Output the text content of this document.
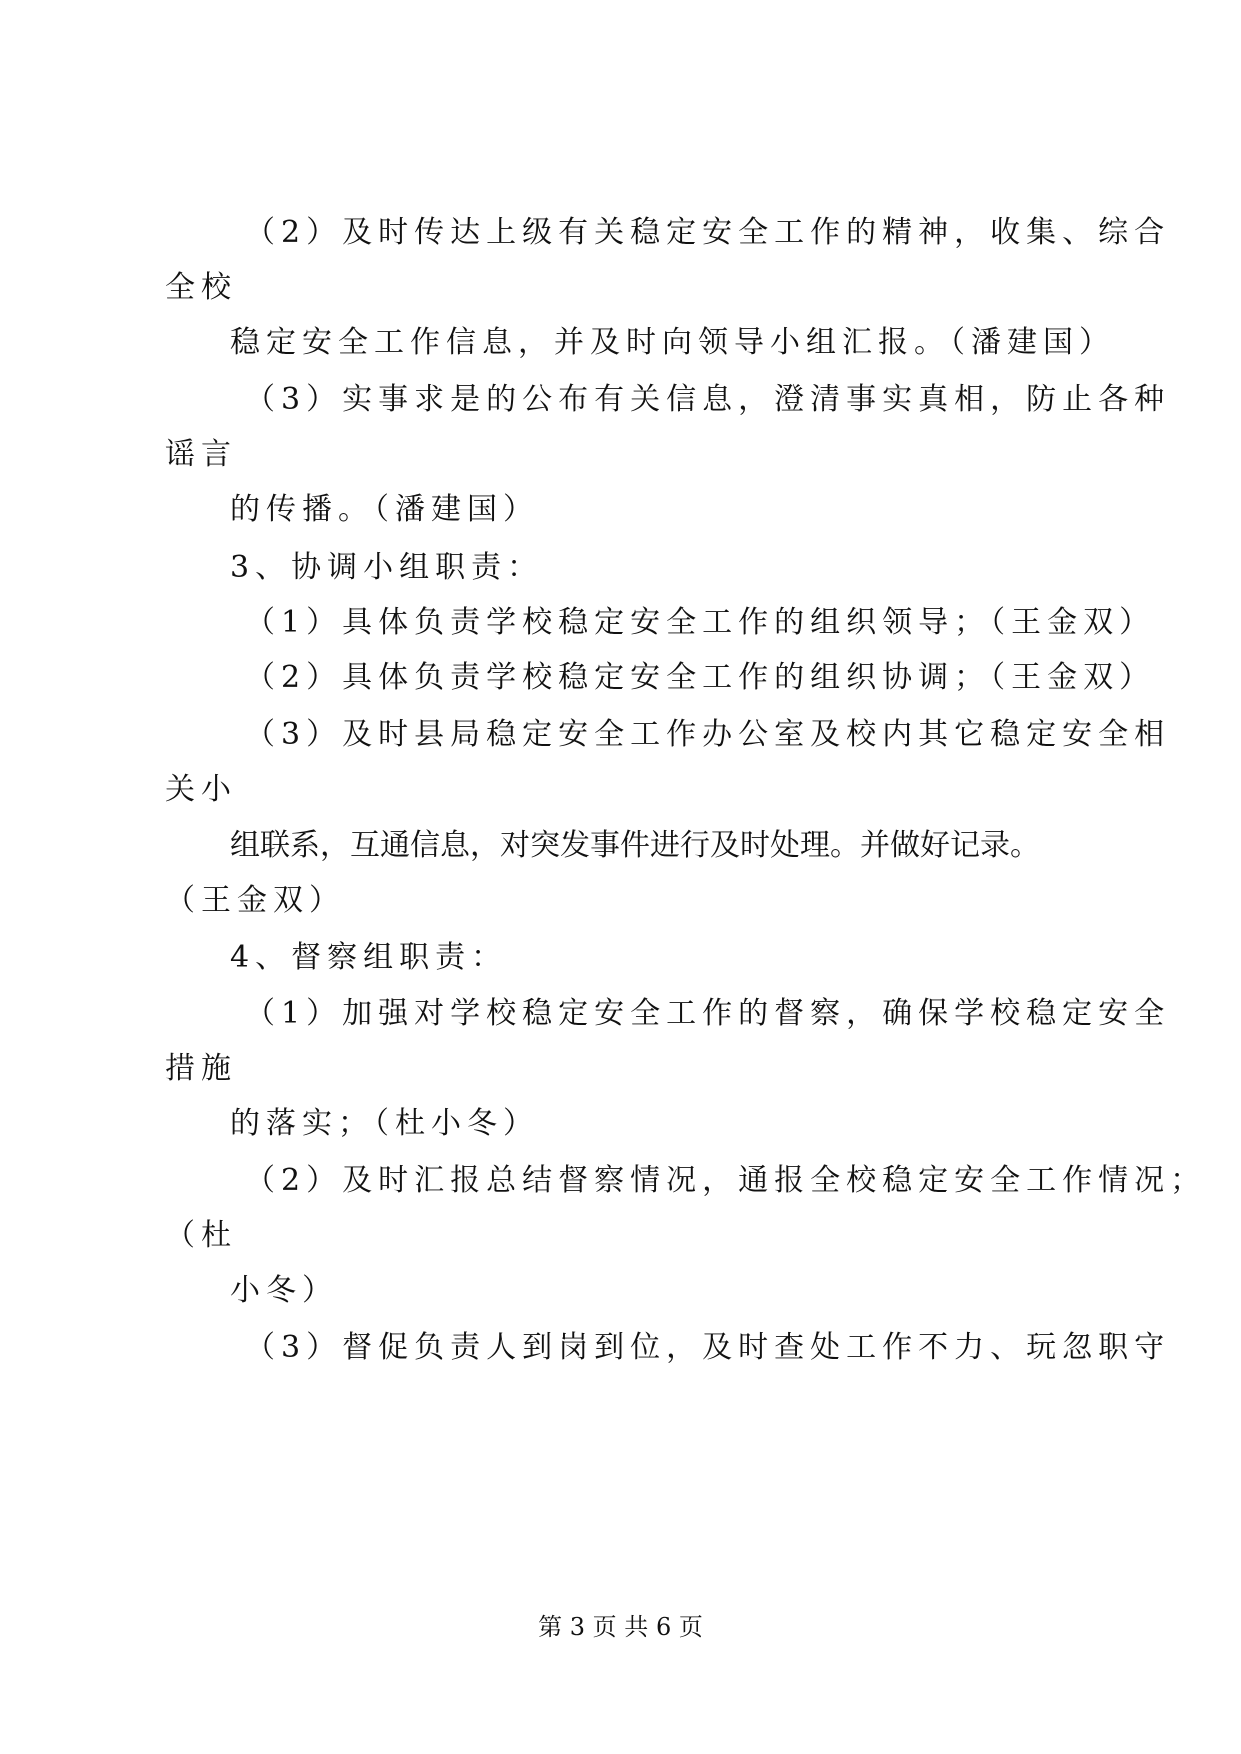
（2）及时传达上级有关稳定安全工作的精神，收集、综合
全校
稳定安全工作信息，并及时向领导小组汇报。（潘建国）
（3）实事求是的公布有关信息，澄清事实真相，防止各种
谣言
的传播。（潘建国）
3、协调小组职责：
（1）具体负责学校稳定安全工作的组织领导；（王金双）
（2）具体负责学校稳定安全工作的组织协调；（王金双）
（3）及时县局稳定安全工作办公室及校内其它稳定安全相
关小
组联系，互通信息，对突发事件进行及时处理。并做好记录。
（王金双）
4、督察组职责：
（1）加强对学校稳定安全工作的督察，确保学校稳定安全
措施
的落实；（杜小冬）
（2）及时汇报总结督察情况，通报全校稳定安全工作情况；
（杜
小冬）
（3）督促负责人到岗到位，及时查处工作不力、玩忽职守
第 3 页 共 6 页
